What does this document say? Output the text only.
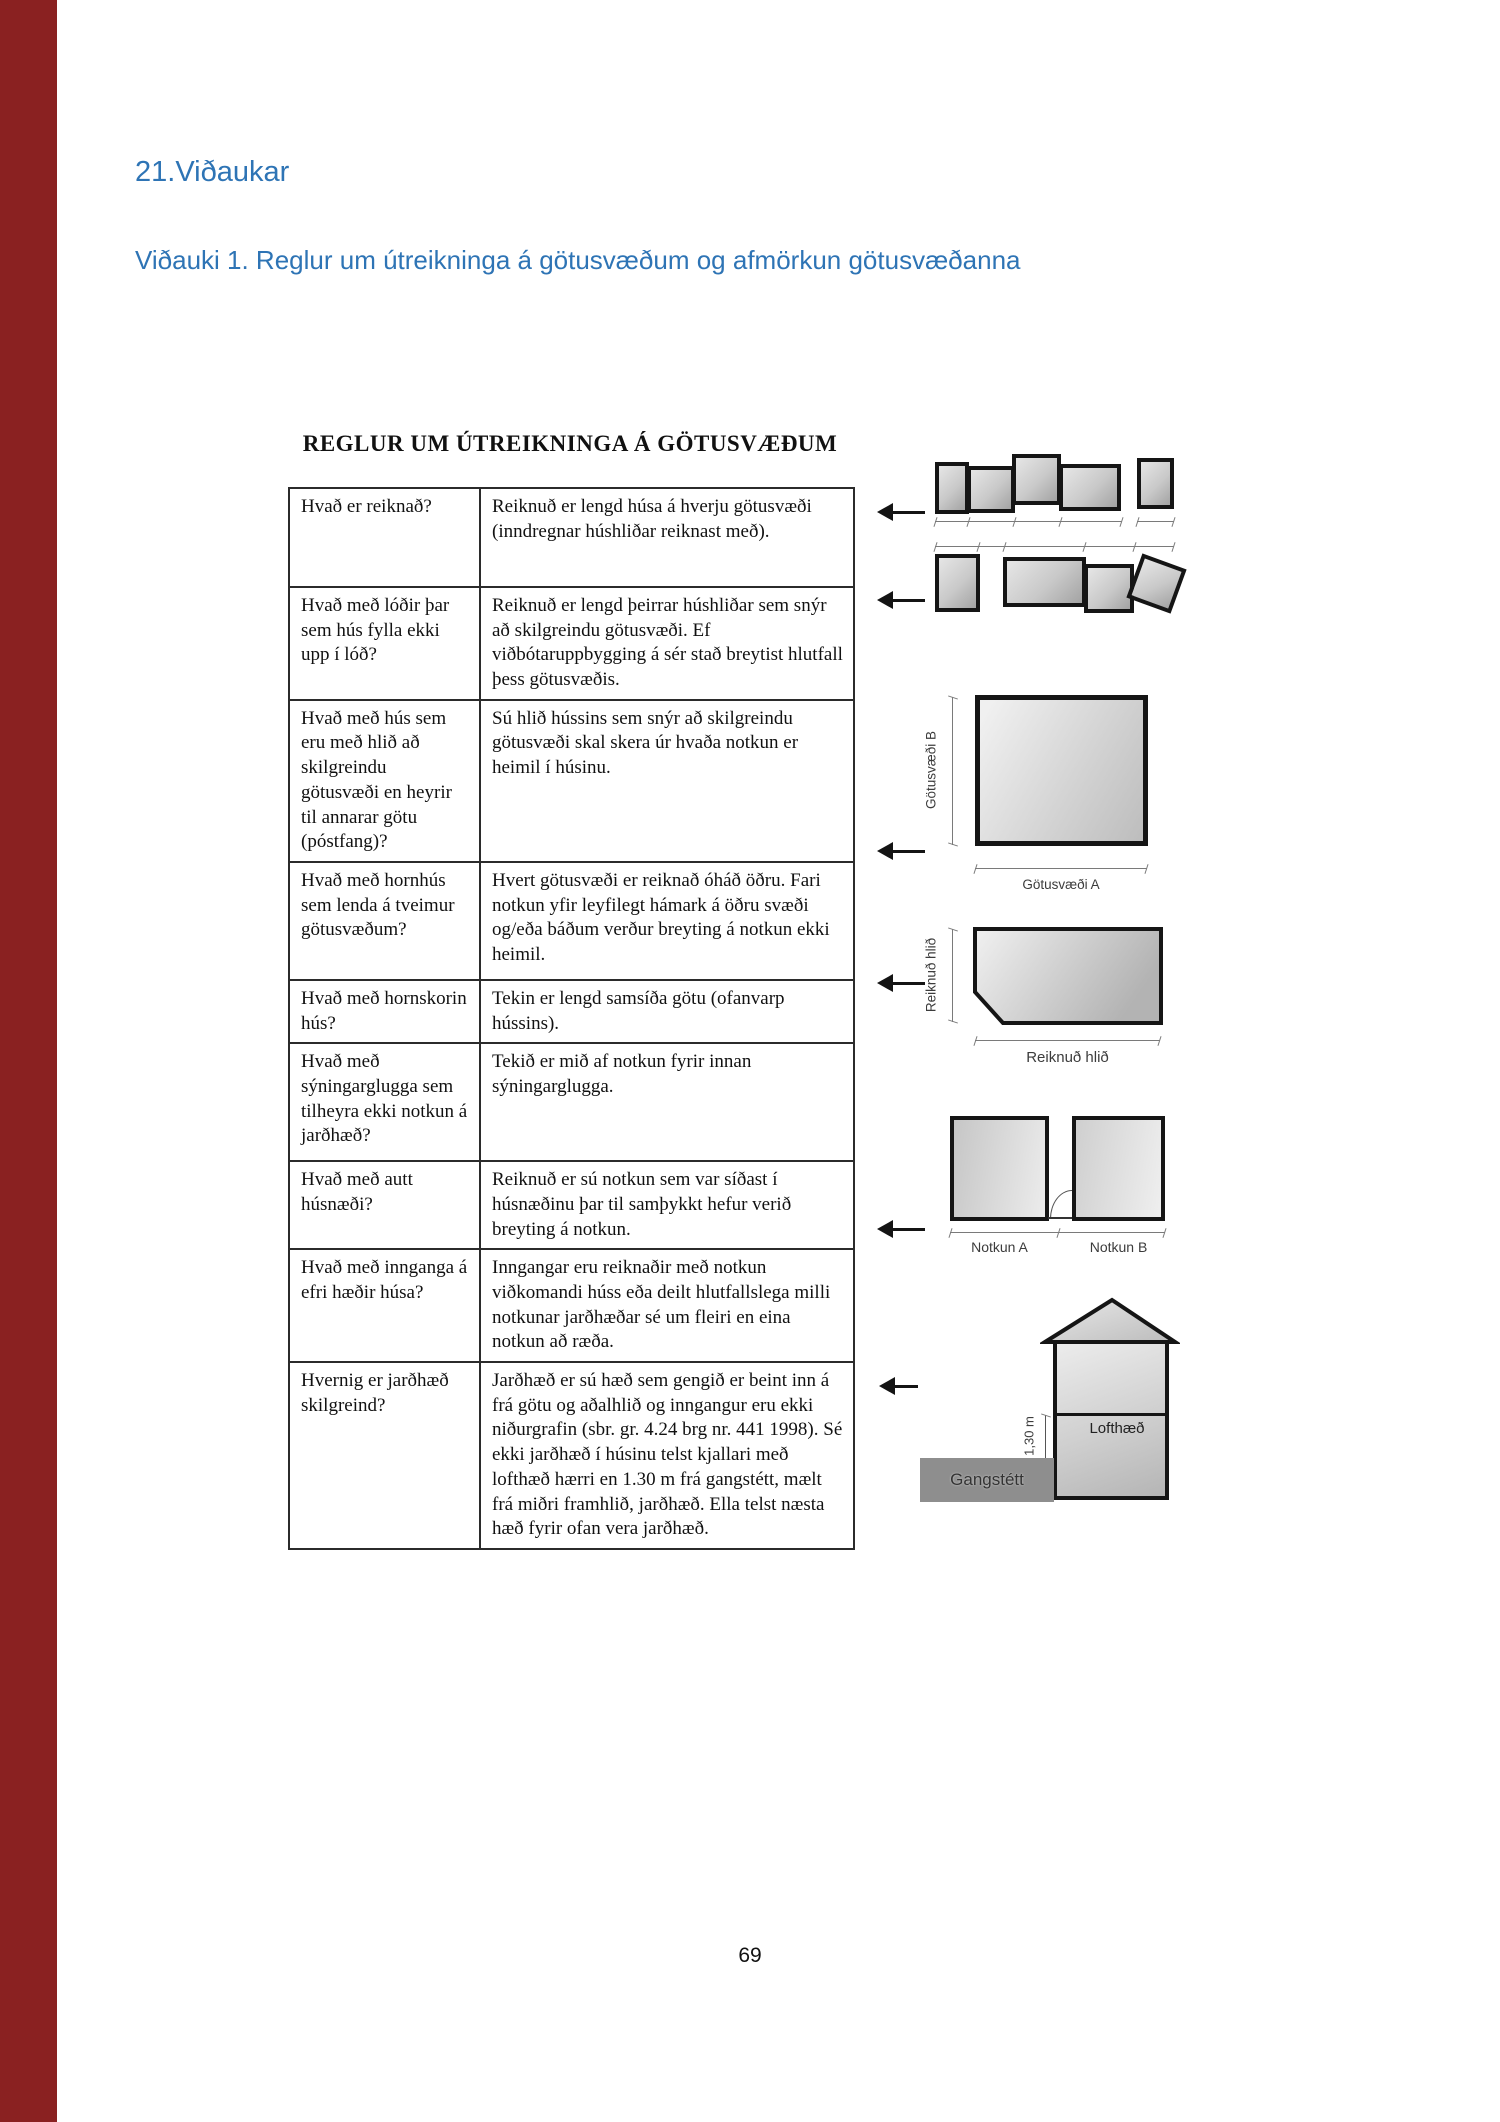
21.Viðaukar
Viðauki 1. Reglur um útreikninga á götusvæðum og afmörkun götusvæðanna
REGLUR UM ÚTREIKNINGA Á GÖTUSVÆÐUM
Hvað er reiknað?	Reiknuð er lengd húsa á hverju götusvæði (inndregnar húshliðar reiknast með).
Hvað með lóðir þar sem hús fylla ekki upp í lóð?	Reiknuð er lengd þeirrar húshliðar sem snýr að skilgreindu götusvæði. Ef viðbótaruppbygging á sér stað breytist hlutfall þess götusvæðis.
Hvað með hús sem eru með hlið að skilgreindu götusvæði en heyrir til annarar götu (póstfang)?	Sú hlið hússins sem snýr að skilgreindu götusvæði skal skera úr hvaða notkun er heimil í húsinu.
Hvað með hornhús sem lenda á tveimur götusvæðum?	Hvert götusvæði er reiknað óháð öðru. Fari notkun yfir leyfilegt hámark á öðru svæði og/eða báðum verður breyting á notkun ekki heimil.
Hvað með hornskorin hús?	Tekin er lengd samsíða götu (ofanvarp hússins).
Hvað með sýningarglugga sem tilheyra ekki notkun á jarðhæð?	Tekið er mið af notkun fyrir innan sýningarglugga.
Hvað með autt húsnæði?	Reiknuð er sú notkun sem var síðast í húsnæðinu þar til samþykkt hefur verið breyting á notkun.
Hvað með innganga á efri hæðir húsa?	Inngangar eru reiknaðir með notkun viðkomandi húss eða deilt hlutfallslega milli notkunar jarðhæðar sé um fleiri en eina notkun að ræða.
Hvernig er jarðhæð skilgreind?	Jarðhæð er sú hæð sem gengið er beint inn á frá götu og aðalhlið og inngangur eru ekki niðurgrafin (sbr. gr. 4.24 brg nr. 441 1998). Sé ekki jarðhæð í húsinu telst kjallari með lofthæð hærri en 1.30 m frá gangstétt, mælt frá miðri framhlið, jarðhæð. Ella telst næsta hæð fyrir ofan vera jarðhæð.
Götusvæði B
Götusvæði A
Reiknuð hlið
Reiknuð hlið
Notkun A	Notkun B
Lofthæð
1,30 m
Gangstétt
69
